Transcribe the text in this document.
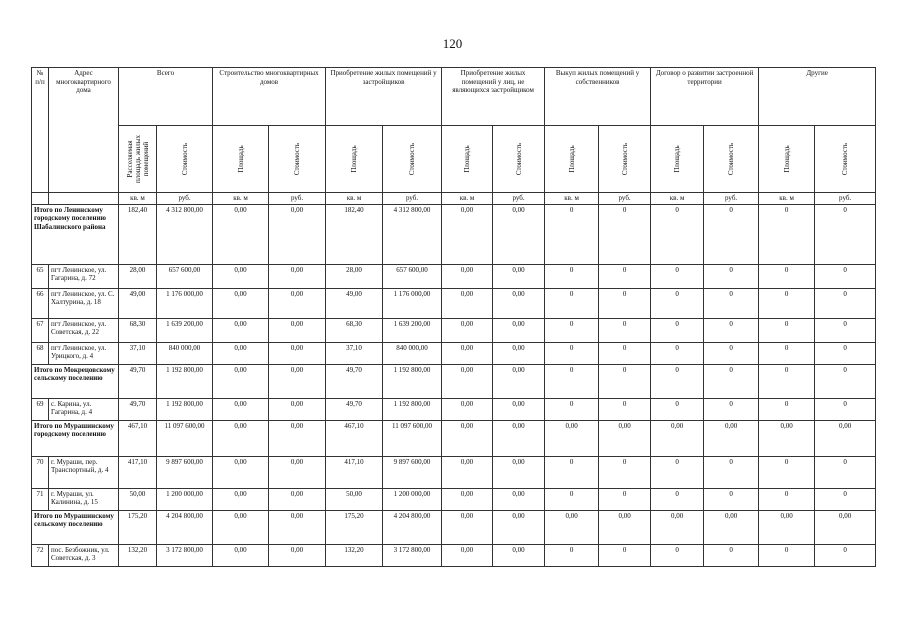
120
№ п/п	Адрес многоквартирного дома	Всего		Строительство многоквартирных домов		Приобретение жилых помещений у застройщиков		Приобретение жилых помещений у лиц, не являющихся застройщиком		Выкуп жилых помещений у собственников		Договор о развитии застроенной территории		Другие	

		Расселяемая площадь жилых помещений	Стоимость	Площадь	Стоимость	Площадь	Стоимость	Площадь	Стоимость	Площадь	Стоимость	Площадь	Стоимость	Площадь	Стоимость

		кв. м	руб.	кв. м	руб.	кв. м	руб.	кв. м	руб.	кв. м	руб.	кв. м	руб.	кв. м	руб.
Итого по Ленинскому городскому поселению Шабалинского района		182,40	4 312 800,00	0,00	0,00	182,40	4 312 800,00	0,00	0,00	0	0	0	0	0	0
65	пгт Ленинское, ул. Гагарина, д. 72	28,00	657 600,00	0,00	0,00	28,00	657 600,00	0,00	0,00	0	0	0	0	0	0
66	пгт Ленинское, ул. С. Халтурина, д. 18	49,00	1 176 000,00	0,00	0,00	49,00	1 176 000,00	0,00	0,00	0	0	0	0	0	0
67	пгт Ленинское, ул. Советская, д. 22	68,30	1 639 200,00	0,00	0,00	68,30	1 639 200,00	0,00	0,00	0	0	0	0	0	0
68	пгт Ленинское, ул. Урицкого, д. 4	37,10	840 000,00	0,00	0,00	37,10	840 000,00	0,00	0,00	0	0	0	0	0	0
Итого по Мокрецовскому сельскому поселению		49,70	1 192 800,00	0,00	0,00	49,70	1 192 800,00	0,00	0,00	0	0	0	0	0	0
69	с. Карина, ул. Гагарина, д. 4	49,70	1 192 800,00	0,00	0,00	49,70	1 192 800,00	0,00	0,00	0	0	0	0	0	0
Итого по Мурашинскому городскому поселению		467,10	11 097 600,00	0,00	0,00	467,10	11 097 600,00	0,00	0,00	0,00	0,00	0,00	0,00	0,00	0,00
70	г. Мураши, пер. Транспортный, д. 4	417,10	9 897 600,00	0,00	0,00	417,10	9 897 600,00	0,00	0,00	0	0	0	0	0	0
71	г. Мураши, ул. Калинина, д. 15	50,00	1 200 000,00	0,00	0,00	50,00	1 200 000,00	0,00	0,00	0	0	0	0	0	0
Итого по Мурашинскому сельскому поселению		175,20	4 204 800,00	0,00	0,00	175,20	4 204 800,00	0,00	0,00	0,00	0,00	0,00	0,00	0,00	0,00
72	пос. Безбожник, ул. Советская, д. 3	132,20	3 172 800,00	0,00	0,00	132,20	3 172 800,00	0,00	0,00	0	0	0	0	0	0
